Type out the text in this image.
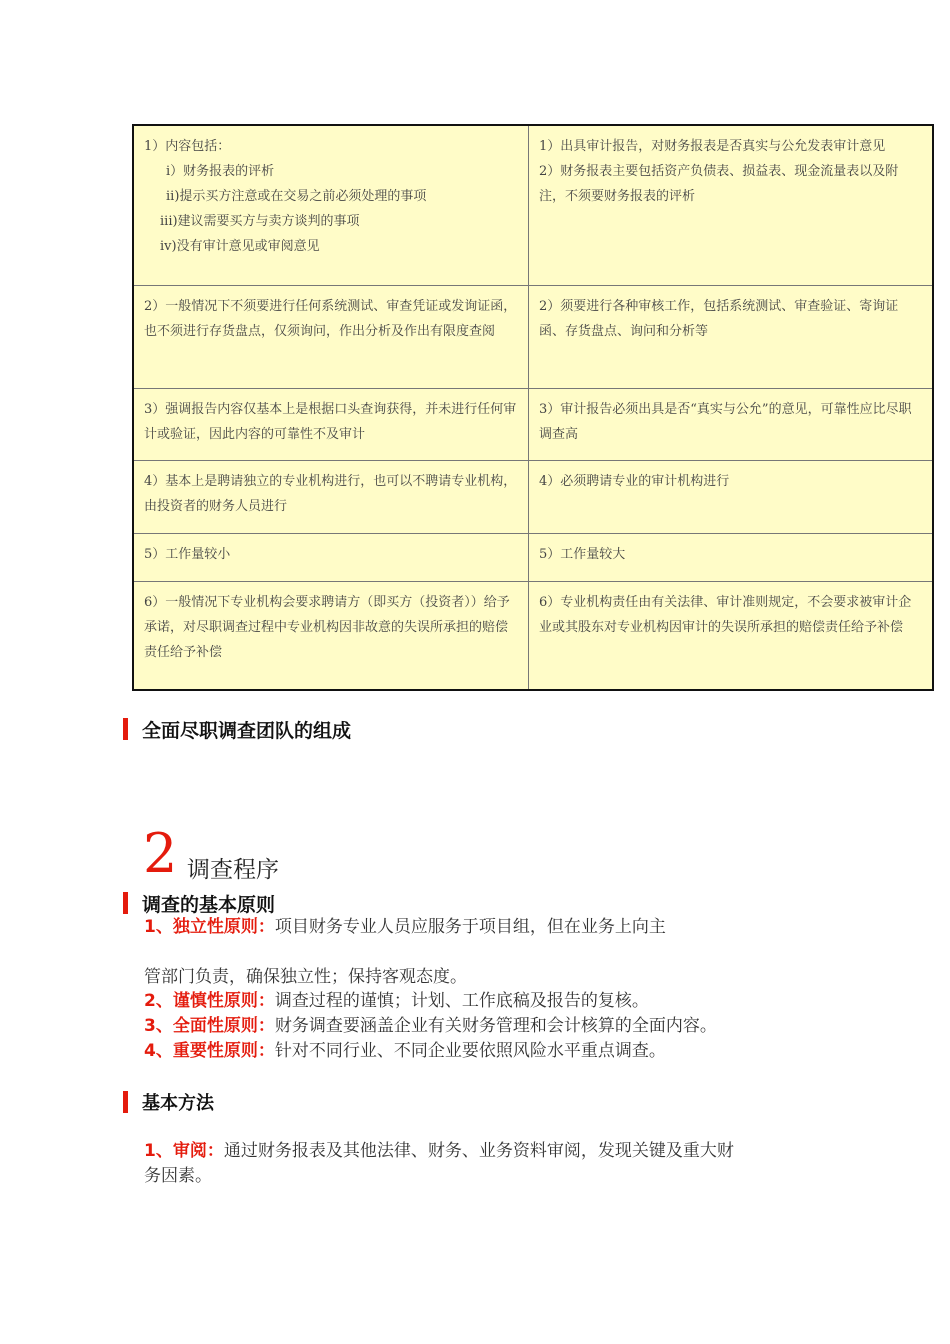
1）内容包括：
i）财务报表的评析
ii)提示买方注意或在交易之前必须处理的事项
iii)建议需要买方与卖方谈判的事项
iv)没有审计意见或审阅意见
1）出具审计报告，对财务报表是否真实与公允发表审计意见
2）财务报表主要包括资产负债表、损益表、现金流量表以及附注，不须要财务报表的评析
2）一般情况下不须要进行任何系统测试、审查凭证或发询证函，也不须进行存货盘点，仅须询问，作出分析及作出有限度查阅
2）须要进行各种审核工作，包括系统测试、审查验证、寄询证函、存货盘点、询问和分析等
3）强调报告内容仅基本上是根据口头查询获得，并未进行任何审计或验证，因此内容的可靠性不及审计
3）审计报告必须出具是否“真实与公允”的意见，可靠性应比尽职调查高
4）基本上是聘请独立的专业机构进行，也可以不聘请专业机构，由投资者的财务人员进行
4）必须聘请专业的审计机构进行
5）工作量较小	5）工作量较大
6）一般情况下专业机构会要求聘请方（即买方（投资者））给予承诺，对尽职调查过程中专业机构因非故意的失误所承担的赔偿责任给予补偿
6）专业机构责任由有关法律、审计准则规定，不会要求被审计企业或其股东对专业机构因审计的失误所承担的赔偿责任给予补偿
全面尽职调查团队的组成
2 调查程序
调查的基本原则
1、独立性原则：项目财务专业人员应服务于项目组，但在业务上向主
管部门负责，确保独立性；保持客观态度。
2、谨慎性原则：调查过程的谨慎；计划、工作底稿及报告的复核。
3、全面性原则：财务调查要涵盖企业有关财务管理和会计核算的全面内容。
4、重要性原则：针对不同行业、不同企业要依照风险水平重点调查。
基本方法
1、审阅：通过财务报表及其他法律、财务、业务资料审阅，发现关键及重大财
务因素。
